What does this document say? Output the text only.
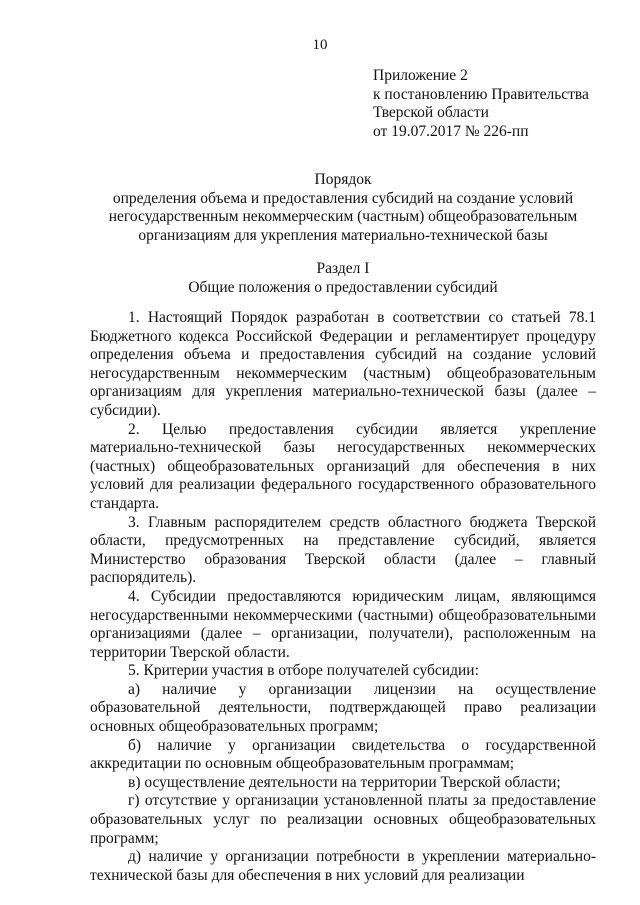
10
Приложение 2
к постановлению Правительства
Тверской области
от 19.07.2017 № 226-пп
Порядок
определения объема и предоставления субсидий на создание условий негосударственным некоммерческим (частным) общеобразовательным организациям для укрепления материально-технической базы
Раздел I
Общие положения о предоставлении субсидий

1. Настоящий Порядок разработан в соответствии со статьей 78.1 Бюджетного кодекса Российской Федерации и регламентирует процедуру определения объема и предоставления субсидий на создание условий негосударственным некоммерческим (частным) общеобразовательным организациям для укрепления материально-технической базы (далее – субсидии).

2. Целью предоставления субсидии является укрепление материально-технической базы негосударственных некоммерческих (частных) общеобразовательных организаций для обеспечения в них условий для реализации федерального государственного образовательного стандарта.

3. Главным распорядителем средств областного бюджета Тверской области, предусмотренных на представление субсидий, является Министерство образования Тверской области (далее – главный распорядитель).

4. Субсидии предоставляются юридическим лицам, являющимся негосударственными некоммерческими (частными) общеобразовательными организациями (далее – организации, получатели), расположенным на территории Тверской области.

5. Критерии участия в отборе получателей субсидии:

а) наличие у организации лицензии на осуществление образовательной деятельности, подтверждающей право реализации основных общеобразовательных программ;

б) наличие у организации свидетельства о государственной аккредитации по основным общеобразовательным программам;

в) осуществление деятельности на территории Тверской области;

г) отсутствие у организации установленной платы за предоставление образовательных услуг по реализации основных общеобразовательных программ;

д) наличие у организации потребности в укреплении материально-технической базы для обеспечения в них условий для реализации
